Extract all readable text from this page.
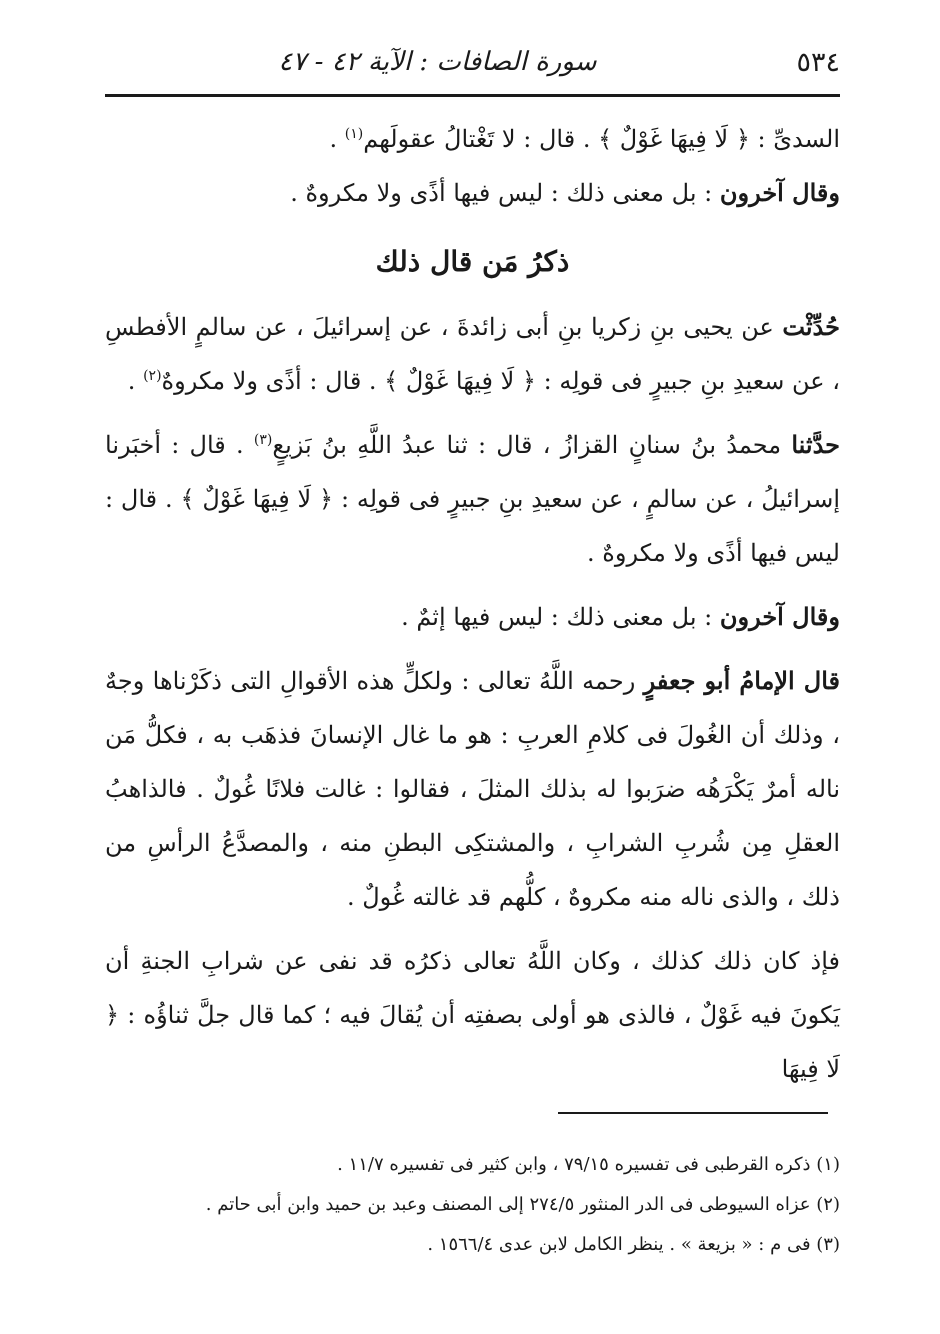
٥٣٤
سورة الصافات : الآية ٤٢ - ٤٧

السدىِّ : ﴿ لَا فِيهَا غَوْلٌ ﴾ . قال : لا تَغْتالُ عقولَهم$^{(١)}$ .

وقال آخرون : بل معنى ذلك : ليس فيها أذًى ولا مكروهٌ .

ذكرُ مَن قال ذلك

حُدِّثْت عن يحيى بنِ زكريا بنِ أبى زائدةَ ، عن إسرائيلَ ، عن سالمٍ الأفطسِ ، عن سعيدِ بنِ جبيرٍ فى قولِه : ﴿ لَا فِيهَا غَوْلٌ ﴾ . قال : أذًى ولا مكروهٌ$^{(٢)}$ .

حدَّثنا محمدُ بنُ سنانٍ القزازُ ، قال : ثنا عبدُ اللَّهِ بنُ بَزيعٍ$^{(٣)}$ . قال : أخبَرنا إسرائيلُ ، عن سالمٍ ، عن سعيدِ بنِ جبيرٍ فى قولِه : ﴿ لَا فِيهَا غَوْلٌ ﴾ . قال : ليس فيها أذًى ولا مكروهٌ .

وقال آخرون : بل معنى ذلك : ليس فيها إثمٌ .

قال الإمامُ أبو جعفرٍ رحمه اللَّهُ تعالى : ولكلٍّ هذه الأقوالِ التى ذكَرْناها وجهٌ ، وذلك أن الغُولَ فى كلامِ العربِ : هو ما غال الإنسانَ فذهَب به ، فكلُّ مَن ناله أمرٌ يَكْرَهُه ضرَبوا له بذلك المثلَ ، فقالوا : غالت فلانًا غُولٌ . فالذاهبُ العقلِ مِن شُربِ الشرابِ ، والمشتكِى البطنِ منه ، والمصدَّعُ الرأسِ من ذلك ، والذى ناله منه مكروهٌ ، كلُّهم قد غالته غُولٌ .

فإذ كان ذلك كذلك ، وكان اللَّهُ تعالى ذكرُه قد نفى عن شرابِ الجنةِ أن يَكونَ فيه غَوْلٌ ، فالذى هو أولى بصفتِه أن يُقالَ فيه ؛ كما قال جلَّ ثناؤُه : ﴿ لَا فِيهَا

(١) ذكره القرطبى فى تفسيره ٧٩/١٥ ، وابن كثير فى تفسيره ١١/٧ .

(٢) عزاه السيوطى فى الدر المنثور ٢٧٤/٥ إلى المصنف وعبد بن حميد وابن أبى حاتم .

(٣) فى م : « بزيعة » . ينظر الكامل لابن عدى ١٥٦٦/٤ .
